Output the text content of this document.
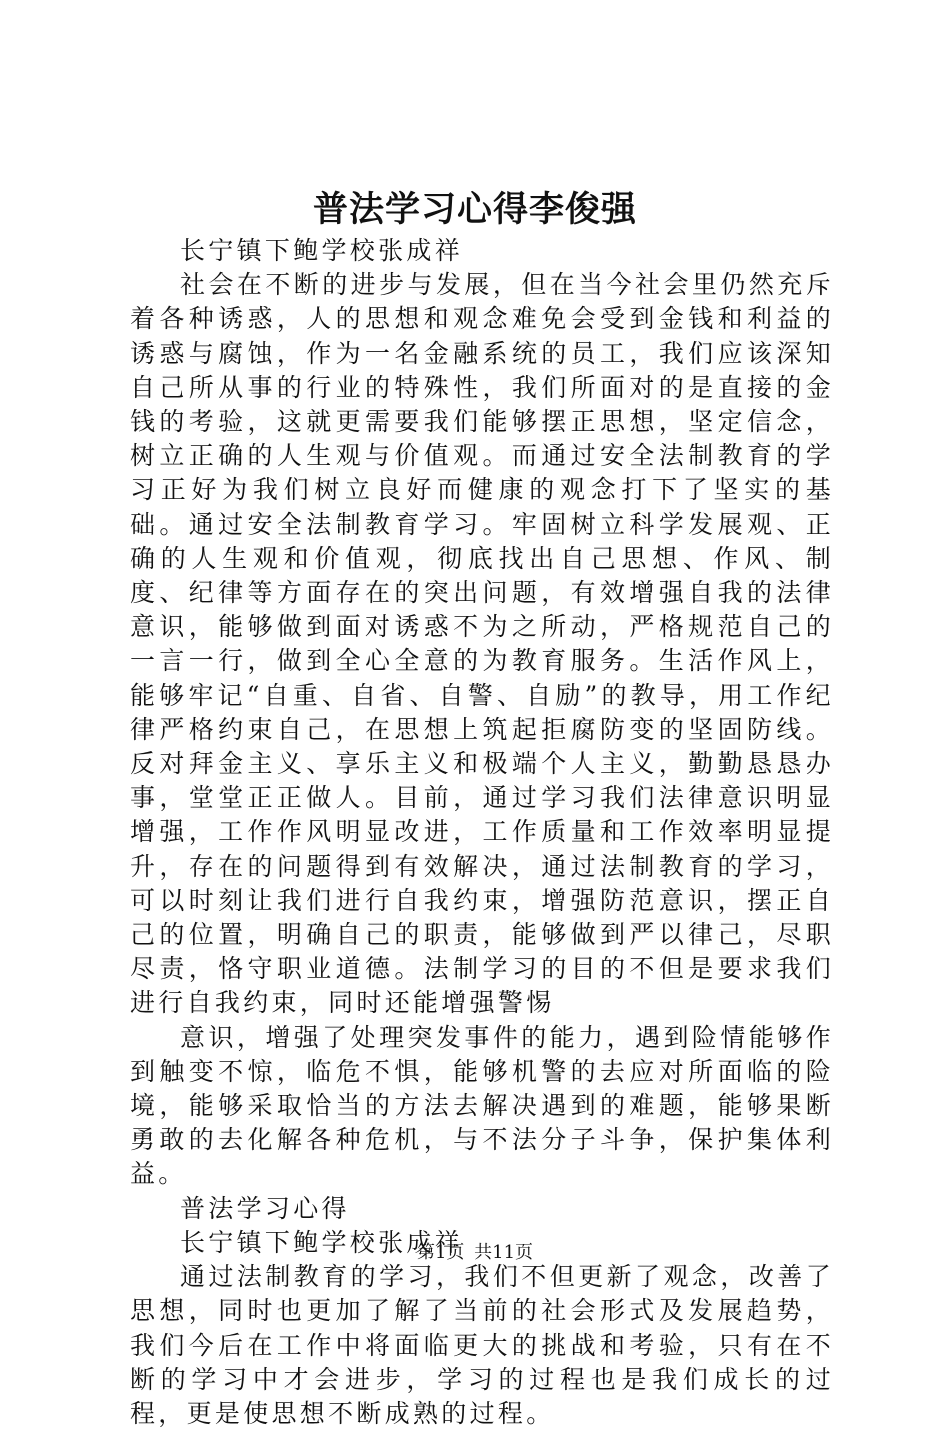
普法学习心得李俊强

长宁镇下鲍学校张成祥

社会在不断的进步与发展，但在当今社会里仍然充斥着各种诱惑，人的思想和观念难免会受到金钱和利益的诱惑与腐蚀，作为一名金融系统的员工，我们应该深知自己所从事的行业的特殊性，我们所面对的是直接的金钱的考验，这就更需要我们能够摆正思想，坚定信念，树立正确的人生观与价值观。而通过安全法制教育的学习正好为我们树立良好而健康的观念打下了坚实的基础。通过安全法制教育学习。牢固树立科学发展观、正确的人生观和价值观，彻底找出自己思想、作风、制度、纪律等方面存在的突出问题，有效增强自我的法律意识，能够做到面对诱惑不为之所动，严格规范自己的一言一行，做到全心全意的为教育服务。生活作风上，能够牢记“自重、自省、自警、自励”的教导，用工作纪律严格约束自己，在思想上筑起拒腐防变的坚固防线。反对拜金主义、享乐主义和极端个人主义，勤勤恳恳办事，堂堂正正做人。目前，通过学习我们法律意识明显增强，工作作风明显改进，工作质量和工作效率明显提升，存在的问题得到有效解决，通过法制教育的学习，可以时刻让我们进行自我约束，增强防范意识，摆正自己的位置，明确自己的职责，能够做到严以律己，尽职尽责，恪守职业道德。法制学习的目的不但是要求我们进行自我约束，同时还能增强警惕

意识，增强了处理突发事件的能力，遇到险情能够作到触变不惊，临危不惧，能够机警的去应对所面临的险境，能够采取恰当的方法去解决遇到的难题，能够果断勇敢的去化解各种危机，与不法分子斗争，保护集体利益。

普法学习心得

长宁镇下鲍学校张成祥

通过法制教育的学习，我们不但更新了观念，改善了思想，同时也更加了解了当前的社会形式及发展趋势，我们今后在工作中将面临更大的挑战和考验，只有在不断的学习中才会进步，学习的过程也是我们成长的过程，更是使思想不断成熟的过程。

第1页 共11页
